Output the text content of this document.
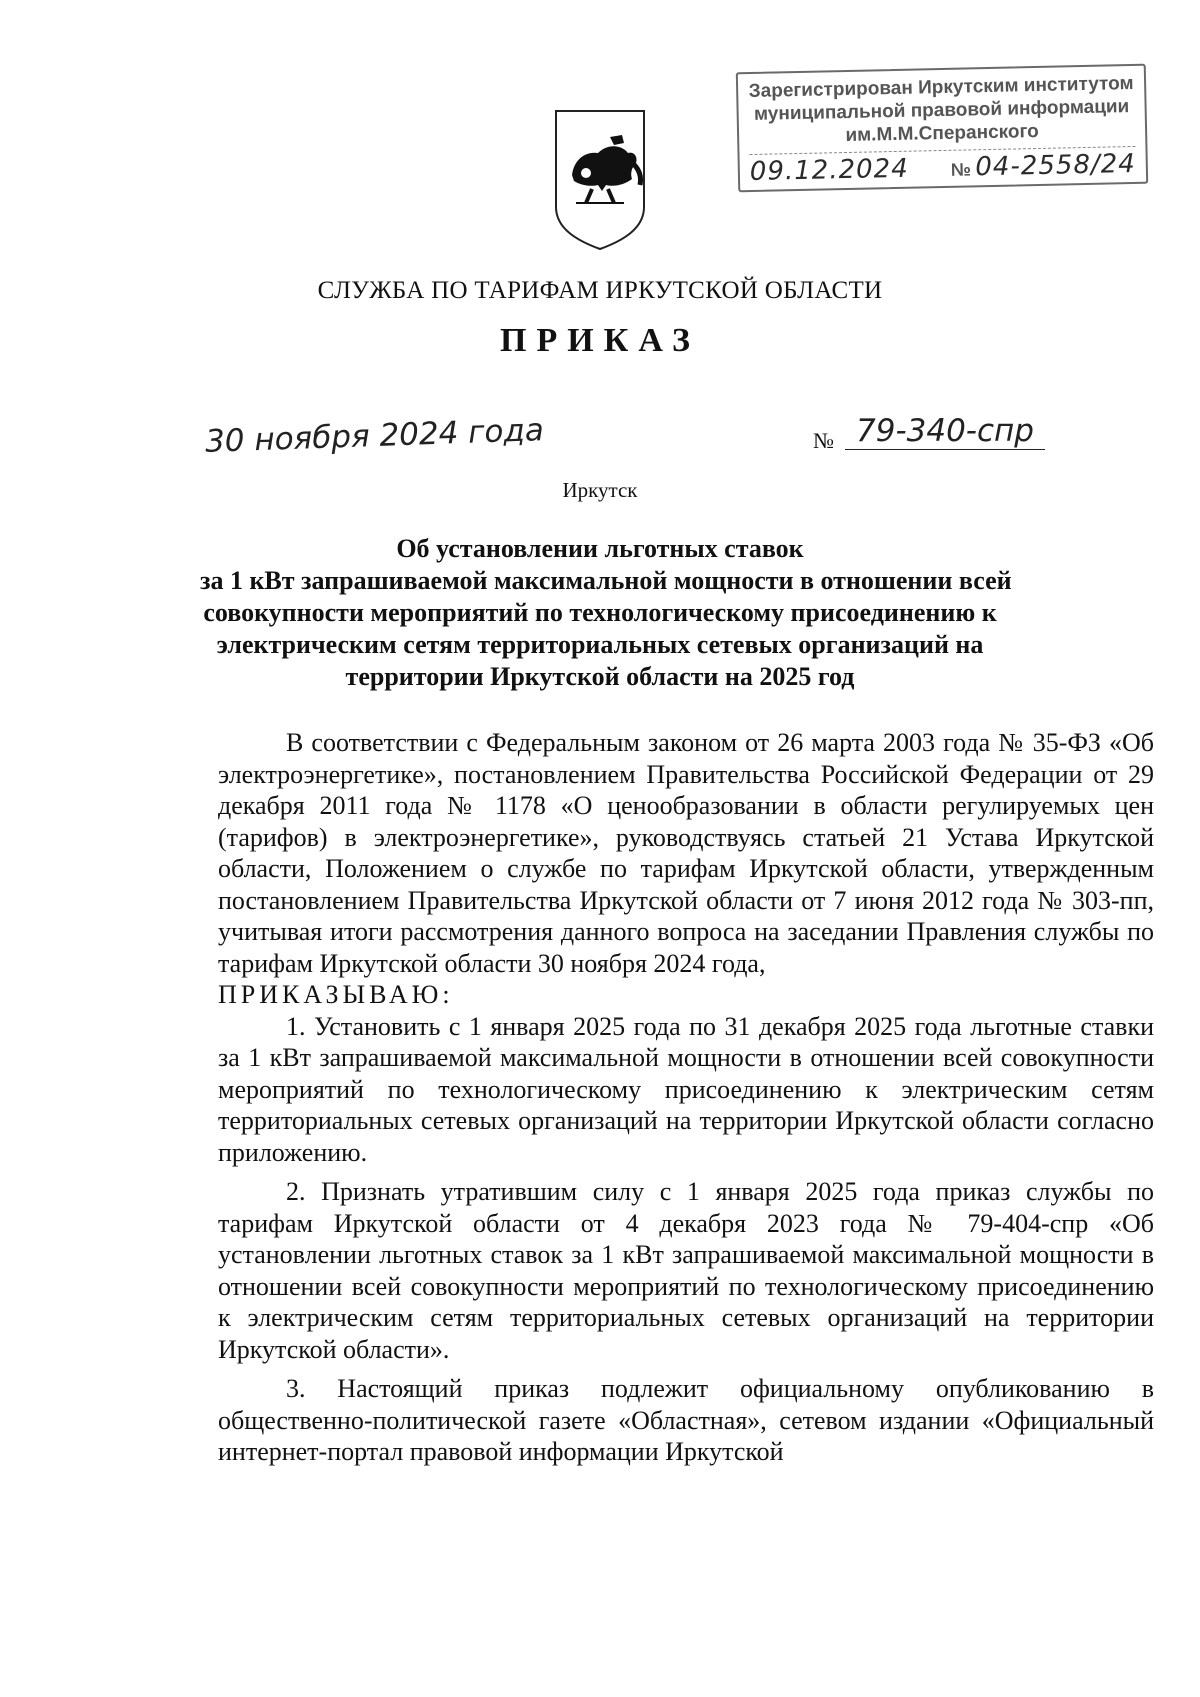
Зарегистрирован Иркутским институтом
муниципальной правовой информации
им.М.М.Сперанского
09.12.2024 № 04-2558/24
СЛУЖБА ПО ТАРИФАМ ИРКУТСКОЙ ОБЛАСТИ
ПРИКАЗ
30 ноября 2024 года	№ 79-340-спр
Иркутск
Об установлении льготных ставок
за 1 кВт запрашиваемой максимальной мощности в отношении всей
совокупности мероприятий по технологическому присоединению к
электрическим сетям территориальных сетевых организаций на
территории Иркутской области на 2025 год

В соответствии с Федеральным законом от 26 марта 2003 года № 35-ФЗ «Об электроэнергетике», постановлением Правительства Российской Федерации от 29 декабря 2011 года № 1178 «О ценообразовании в области регулируемых цен (тарифов) в электроэнергетике», руководствуясь статьей 21 Устава Иркутской области, Положением о службе по тарифам Иркутской области, утвержденным постановлением Правительства Иркутской области от 7 июня 2012 года № 303-пп, учитывая итоги рассмотрения данного вопроса на заседании Правления службы по тарифам Иркутской области 30 ноября 2024 года,

ПРИКАЗЫВАЮ:

1. Установить с 1 января 2025 года по 31 декабря 2025 года льготные ставки за 1 кВт запрашиваемой максимальной мощности в отношении всей совокупности мероприятий по технологическому присоединению к электрическим сетям территориальных сетевых организаций на территории Иркутской области согласно приложению.

2. Признать утратившим силу с 1 января 2025 года приказ службы по тарифам Иркутской области от 4 декабря 2023 года № 79-404-спр «Об установлении льготных ставок за 1 кВт запрашиваемой максимальной мощности в отношении всей совокупности мероприятий по технологическому присоединению к электрическим сетям территориальных сетевых организаций на территории Иркутской области».

3. Настоящий приказ подлежит официальному опубликованию в общественно-политической газете «Областная», сетевом издании «Официальный интернет-портал правовой информации Иркутской
